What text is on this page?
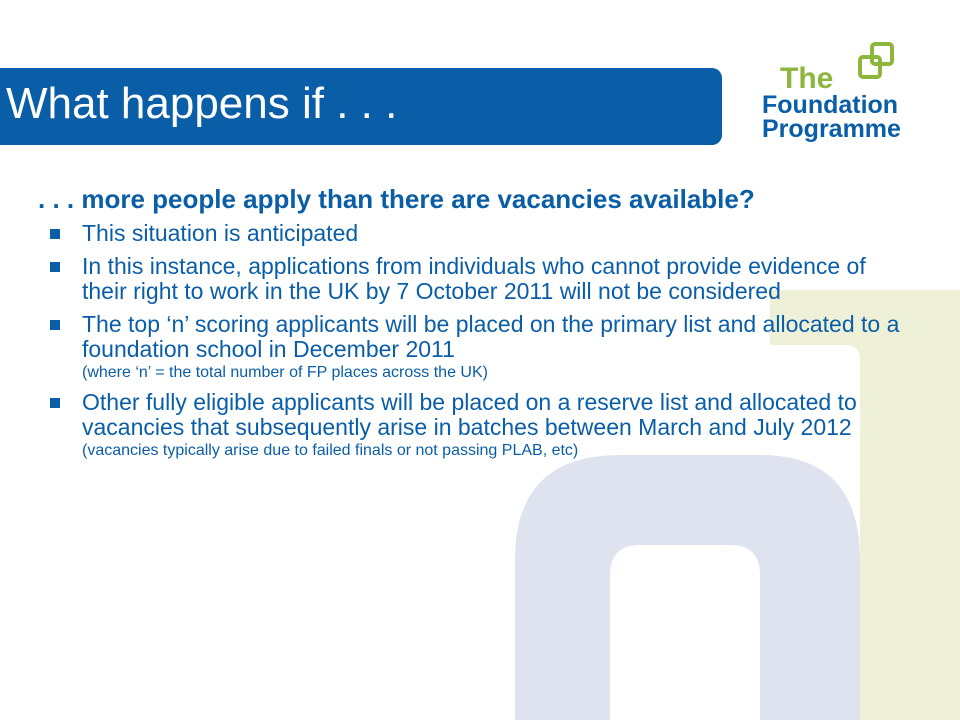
What happens if . . .
The
Foundation
Programme
. . . more people apply than there are vacancies available?
This situation is anticipated
In this instance, applications from individuals who cannot provide evidence of their right to work in the UK by 7 October 2011 will not be considered
The top ‘n’ scoring applicants will be placed on the primary list and allocated to a foundation school in December 2011
(where ‘n’ = the total number of FP places across the UK)
Other fully eligible applicants will be placed on a reserve list and allocated to vacancies that subsequently arise in batches between March and July 2012
(vacancies typically arise due to failed finals or not passing PLAB, etc)
